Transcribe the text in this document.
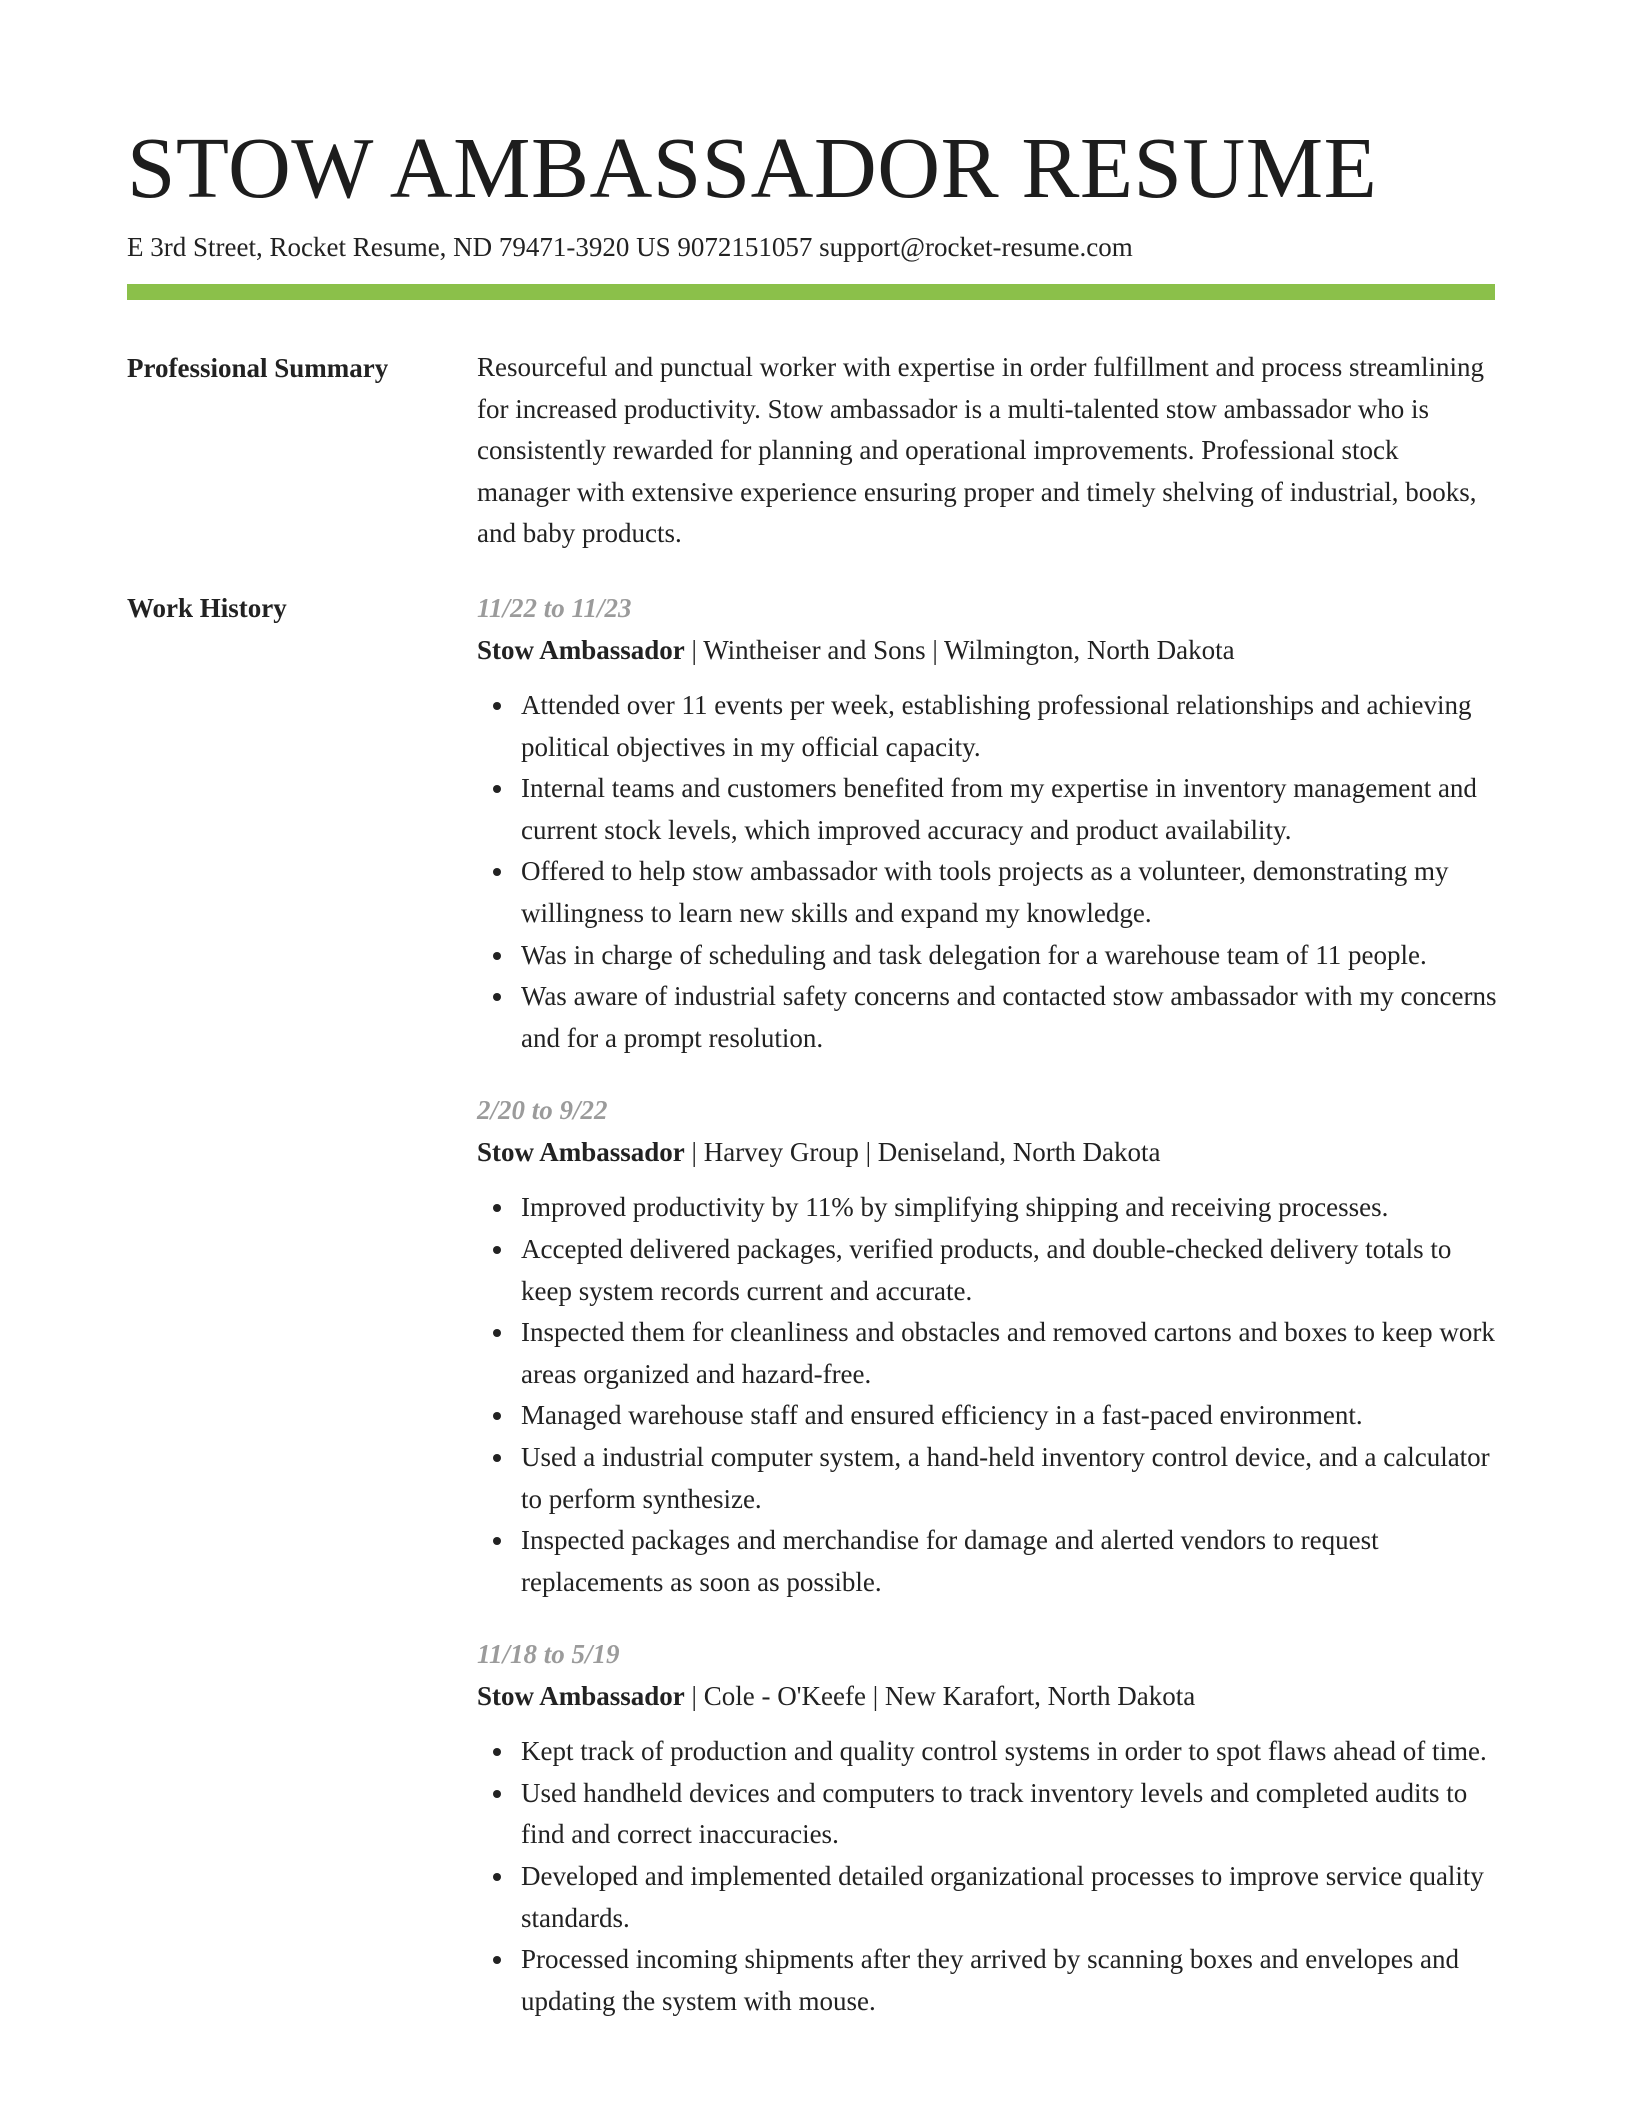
STOW AMBASSADOR RESUME
E 3rd Street, Rocket Resume, ND 79471-3920 US 9072151057 support@rocket-resume.com
Professional Summary	Resourceful and punctual worker with expertise in order fulfillment and process streamlining for increased productivity. Stow ambassador is a multi-talented stow ambassador who is consistently rewarded for planning and operational improvements. Professional stock manager with extensive experience ensuring proper and timely shelving of industrial, books, and baby products.

Work History	11/22 to 11/23
Stow Ambassador | Wintheiser and Sons | Wilmington, North Dakota
Attended over 11 events per week, establishing professional relationships and achieving political objectives in my official capacity.
Internal teams and customers benefited from my expertise in inventory management and current stock levels, which improved accuracy and product availability.
Offered to help stow ambassador with tools projects as a volunteer, demonstrating my willingness to learn new skills and expand my knowledge.
Was in charge of scheduling and task delegation for a warehouse team of 11 people.
Was aware of industrial safety concerns and contacted stow ambassador with my concerns and for a prompt resolution.
2/20 to 9/22
Stow Ambassador | Harvey Group | Deniseland, North Dakota
Improved productivity by 11% by simplifying shipping and receiving processes.
Accepted delivered packages, verified products, and double-checked delivery totals to keep system records current and accurate.
Inspected them for cleanliness and obstacles and removed cartons and boxes to keep work areas organized and hazard-free.
Managed warehouse staff and ensured efficiency in a fast-paced environment.
Used a industrial computer system, a hand-held inventory control device, and a calculator to perform synthesize.
Inspected packages and merchandise for damage and alerted vendors to request replacements as soon as possible.
11/18 to 5/19
Stow Ambassador | Cole - O'Keefe | New Karafort, North Dakota
Kept track of production and quality control systems in order to spot flaws ahead of time.
Used handheld devices and computers to track inventory levels and completed audits to find and correct inaccuracies.
Developed and implemented detailed organizational processes to improve service quality standards.
Processed incoming shipments after they arrived by scanning boxes and envelopes and updating the system with mouse.
